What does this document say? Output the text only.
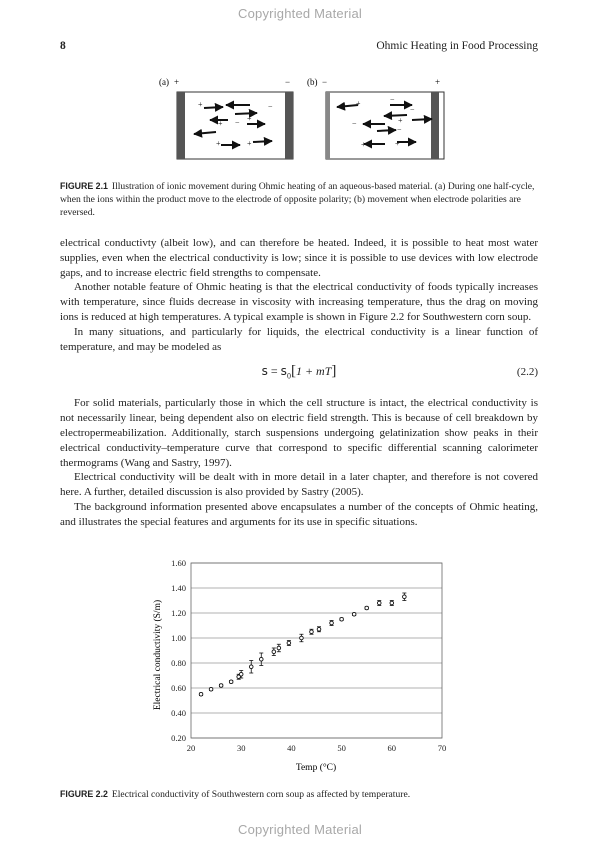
Copyrighted Material
8	Ohmic Heating in Food Processing
(a) +	−
+	−
+
−
+
−
+	+
(b) −	+
+	−
−
+
−
−
+	+
FIGURE 2.1 Illustration of ionic movement during Ohmic heating of an aqueous-based material. (a) During one half-cycle, when the ions within the product move to the electrode of opposite polarity; (b) movement when electrode polarities are reversed.

electrical conductivty (albeit low), and can therefore be heated. Indeed, it is possible to heat most water supplies, even when the electrical conductivity is low; since it is possible to use devices with low electrode gaps, and to increase electric field strengths to compensate.

Another notable feature of Ohmic heating is that the electrical conductivity of foods typically increases with temperature, since fluids decrease in viscosity with increasing temperature, thus the drag on moving ions is reduced at high temperatures. A typical example is shown in Figure 2.2 for Southwestern corn soup.

In many situations, and particularly for liquids, the electrical conductivity is a linear function of temperature, and may be modeled as

$s = s_0[1 + mT]$	(2.2)

For solid materials, particularly those in which the cell structure is intact, the electrical conductivity is not necessarily linear, being dependent also on electric field strength. This is because of cell breakdown by electropermeabilization. Additionally, starch suspensions undergoing gelatinization show peaks in their electrical conductivity–temperature curve that correspond to specific differential scanning calorimeter thermograms (Wang and Sastry, 1997).

Electrical conductivity will be dealt with in more detail in a later chapter, and therefore is not covered here. A further, detailed discussion is also provided by Sastry (2005).

The background information presented above encapsulates a number of the concepts of Ohmic heating, and illustrates the special features and arguments for its use in specific situations.

Electrical conductivity (S/m)
Temp (°C)
0.20
0.40
0.60
0.80
1.00
1.20
1.40
1.60
20	30	40	50	60	70
FIGURE 2.2 Electrical conductivity of Southwestern corn soup as affected by temperature.
Copyrighted Material
